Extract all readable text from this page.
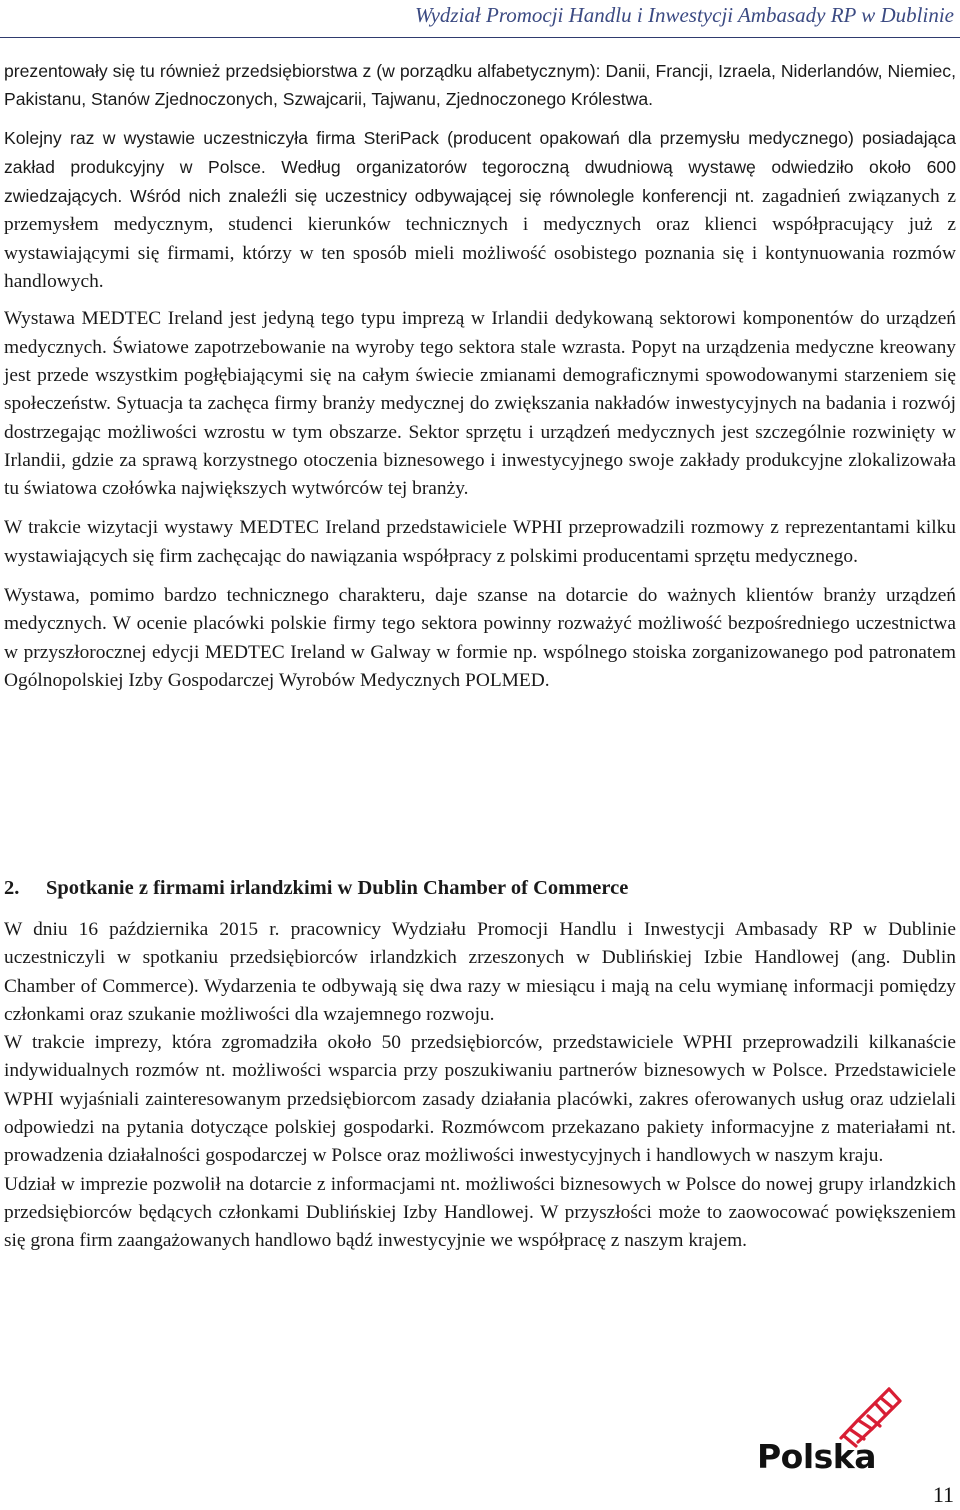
Wydział Promocji Handlu i Inwestycji Ambasady RP w Dublinie

prezentowały się tu również przedsiębiorstwa z (w porządku alfabetycznym): Danii, Francji, Izraela, Niderlandów, Niemiec, Pakistanu, Stanów Zjednoczonych, Szwajcarii, Tajwanu, Zjednoczonego Królestwa.

Kolejny raz w wystawie uczestniczyła firma SteriPack (producent opakowań dla przemysłu medycznego) posiadająca zakład produkcyjny w Polsce. Według organizatorów tegoroczną dwudniową wystawę odwiedziło około 600 zwiedzających. Wśród nich znaleźli się uczestnicy odbywającej się równolegle konferencji nt. zagadnień związanych z przemysłem medycznym, studenci kierunków technicznych i medycznych oraz klienci współpracujący już z wystawiającymi się firmami, którzy w ten sposób mieli możliwość osobistego poznania się i kontynuowania rozmów handlowych.

Wystawa MEDTEC Ireland jest jedyną tego typu imprezą w Irlandii dedykowaną sektorowi komponentów do urządzeń medycznych. Światowe zapotrzebowanie na wyroby tego sektora stale wzrasta. Popyt na urządzenia medyczne kreowany jest przede wszystkim pogłębiającymi się na całym świecie zmianami demograficznymi spowodowanymi starzeniem się społeczeństw. Sytuacja ta zachęca firmy branży medycznej do zwiększania nakładów inwestycyjnych na badania i rozwój dostrzegając możliwości wzrostu w tym obszarze. Sektor sprzętu i urządzeń medycznych jest szczególnie rozwinięty w Irlandii, gdzie za sprawą korzystnego otoczenia biznesowego i inwestycyjnego swoje zakłady produkcyjne zlokalizowała tu światowa czołówka największych wytwórców tej branży.

W trakcie wizytacji wystawy MEDTEC Ireland przedstawiciele WPHI przeprowadzili rozmowy z reprezentantami kilku wystawiających się firm zachęcając do nawiązania współpracy z polskimi producentami sprzętu medycznego.

Wystawa, pomimo bardzo technicznego charakteru, daje szanse na dotarcie do ważnych klientów branży urządzeń medycznych. W ocenie placówki polskie firmy tego sektora powinny rozważyć możliwość bezpośredniego uczestnictwa w przyszłorocznej edycji MEDTEC Ireland w Galway w formie np. wspólnego stoiska zorganizowanego pod patronatem Ogólnopolskiej Izby Gospodarczej Wyrobów Medycznych POLMED.

2. Spotkanie z firmami irlandzkimi w Dublin Chamber of Commerce

W dniu 16 października 2015 r. pracownicy Wydziału Promocji Handlu i Inwestycji Ambasady RP w Dublinie uczestniczyli w spotkaniu przedsiębiorców irlandzkich zrzeszonych w Dublińskiej Izbie Handlowej (ang. Dublin Chamber of Commerce). Wydarzenia te odbywają się dwa razy w miesiącu i mają na celu wymianę informacji pomiędzy członkami oraz szukanie możliwości dla wzajemnego rozwoju.

W trakcie imprezy, która zgromadziła około 50 przedsiębiorców, przedstawiciele WPHI przeprowadzili kilkanaście indywidualnych rozmów nt. możliwości wsparcia przy poszukiwaniu partnerów biznesowych w Polsce. Przedstawiciele WPHI wyjaśniali zainteresowanym przedsiębiorcom zasady działania placówki, zakres oferowanych usług oraz udzielali odpowiedzi na pytania dotyczące polskiej gospodarki. Rozmówcom przekazano pakiety informacyjne z materiałami nt. prowadzenia działalności gospodarczej w Polsce oraz możliwości inwestycyjnych i handlowych w naszym kraju.

Udział w imprezie pozwolił na dotarcie z informacjami nt. możliwości biznesowych w Polsce do nowej grupy irlandzkich przedsiębiorców będących członkami Dublińskiej Izby Handlowej. W przyszłości może to zaowocować powiększeniem się grona firm zaangażowanych handlowo bądź inwestycyjnie we współpracę z naszym krajem.

Polska
11
